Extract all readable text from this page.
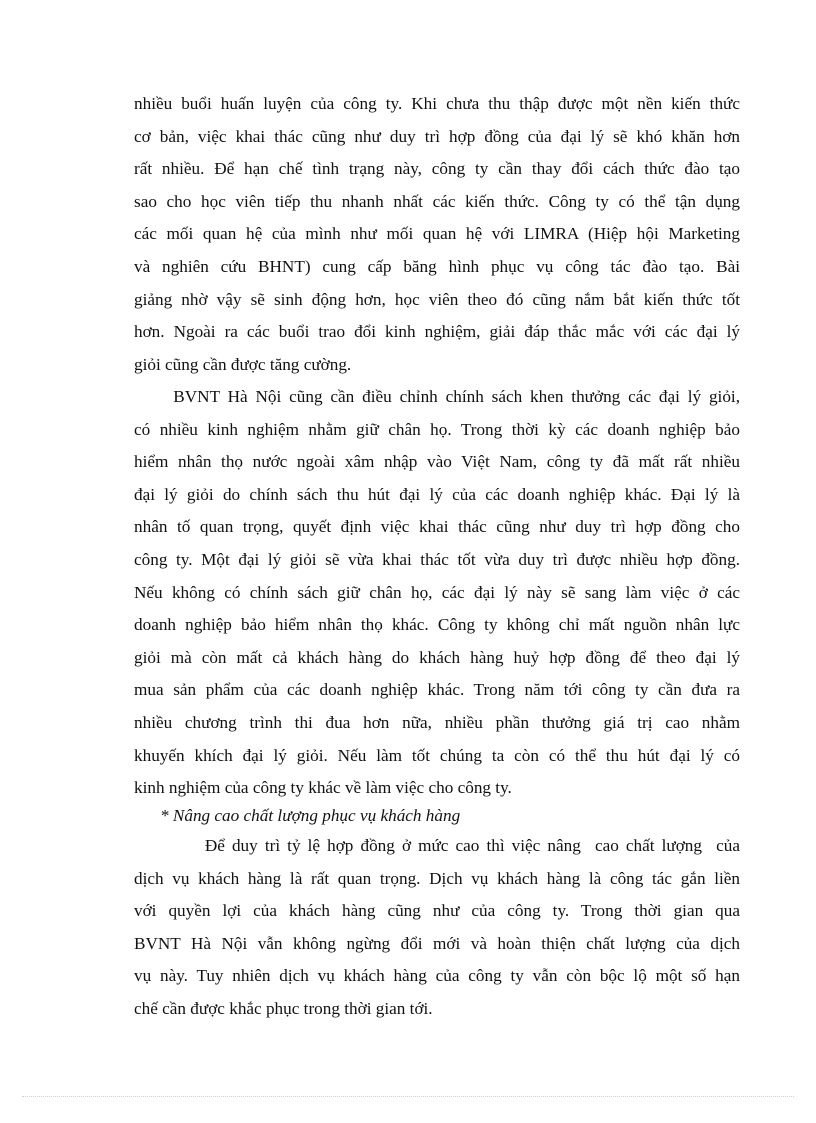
nhiều buổi huấn luyện của công ty. Khi chưa thu thập được một nền kiến thức
cơ bản, việc khai thác cũng như duy trì hợp đồng của đại lý sẽ khó khăn hơn
rất nhiều. Để hạn chế tình trạng này, công ty cần thay đổi cách thức đào tạo
sao cho học viên tiếp thu nhanh nhất các kiến thức. Công ty có thể tận dụng
các mối quan hệ của mình như mối quan hệ với LIMRA (Hiệp hội Marketing
và nghiên cứu BHNT) cung cấp băng hình phục vụ công tác đào tạo. Bài
giảng nhờ vậy sẽ sinh động hơn, học viên theo đó cũng nắm bắt kiến thức tốt
hơn. Ngoài ra các buổi trao đổi kinh nghiệm, giải đáp thắc mắc với các đại lý
giỏi cũng cần được tăng cường.
BVNT Hà Nội cũng cần điều chỉnh chính sách khen thưởng các đại lý giỏi,
có nhiều kinh nghiệm nhằm giữ chân họ. Trong thời kỳ các doanh nghiệp bảo
hiểm nhân thọ nước ngoài xâm nhập vào Việt Nam, công ty đã mất rất nhiều
đại lý giỏi do chính sách thu hút đại lý của các doanh nghiệp khác. Đại lý là
nhân tố quan trọng, quyết định việc khai thác cũng như duy trì hợp đồng cho
công ty. Một đại lý giỏi sẽ vừa khai thác tốt vừa duy trì được nhiều hợp đồng.
Nếu không có chính sách giữ chân họ, các đại lý này sẽ sang làm việc ở các
doanh nghiệp bảo hiểm nhân thọ khác. Công ty không chỉ mất nguồn nhân lực
giỏi mà còn mất cả khách hàng do khách hàng huỷ hợp đồng để theo đại lý
mua sản phẩm của các doanh nghiệp khác. Trong năm tới công ty cần đưa ra
nhiều chương trình thi đua hơn nữa, nhiều phần thưởng giá trị cao nhằm
khuyến khích đại lý giỏi. Nếu làm tốt chúng ta còn có thể thu hút đại lý có
kinh nghiệm của công ty khác về làm việc cho công ty.
* Nâng cao chất lượng phục vụ khách hàng
Để duy trì tỷ lệ hợp đồng ở mức cao thì việc nâng  cao chất lượng  của
dịch vụ khách hàng là rất quan trọng. Dịch vụ khách hàng là công tác gắn liền
với quyền lợi của khách hàng cũng như của công ty. Trong thời gian qua
BVNT Hà Nội vẫn không ngừng đổi mới và hoàn thiện chất lượng của dịch
vụ này. Tuy nhiên dịch vụ khách hàng của công ty vẫn còn bộc lộ một số hạn
chế cần được khắc phục trong thời gian tới.
